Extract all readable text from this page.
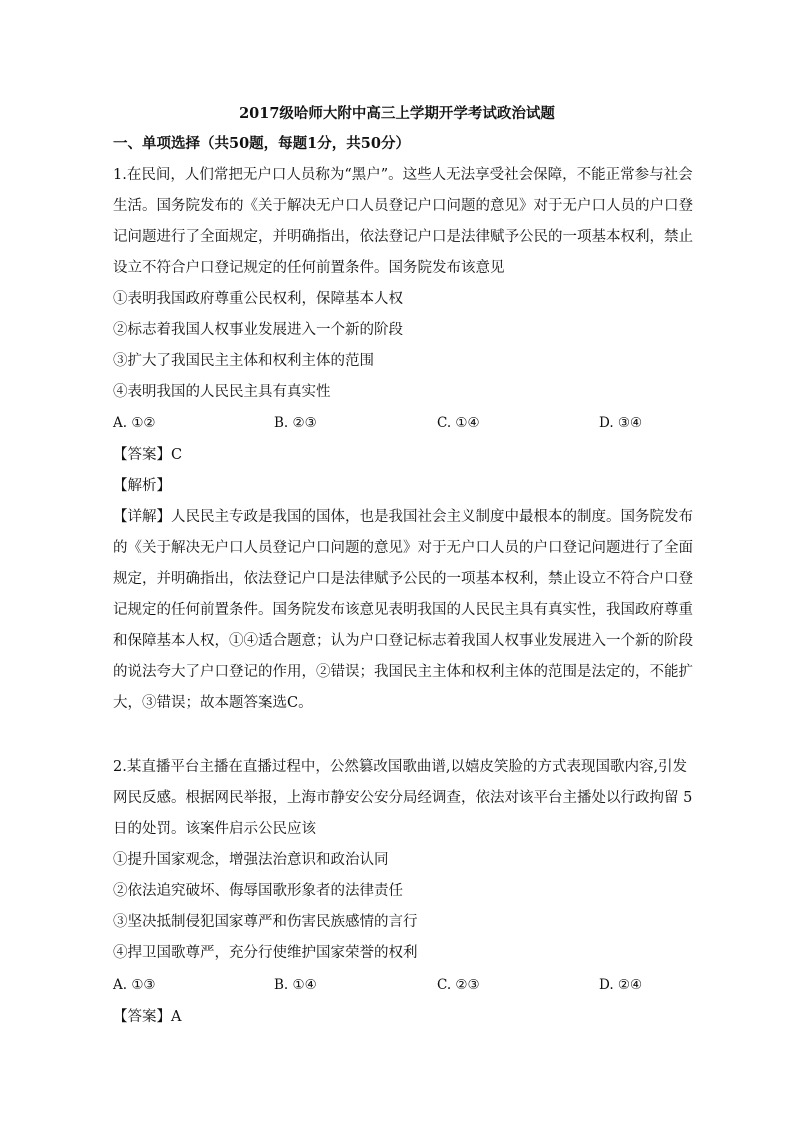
2017级哈师大附中高三上学期开学考试政治试题
一、单项选择（共50题，每题1分，共50分）
1.在民间，人们常把无户口人员称为“黑户”。这些人无法享受社会保障，不能正常参与社会
生活。国务院发布的《关于解决无户口人员登记户口问题的意见》对于无户口人员的户口登
记问题进行了全面规定，并明确指出，依法登记户口是法律赋予公民的一项基本权利，禁止
设立不符合户口登记规定的任何前置条件。国务院发布该意见
①表明我国政府尊重公民权利，保障基本人权
②标志着我国人权事业发展进入一个新的阶段
③扩大了我国民主主体和权利主体的范围
④表明我国的人民民主具有真实性
A. ①②	B. ②③	C. ①④	D. ③④
【答案】C
【解析】
【详解】人民民主专政是我国的国体，也是我国社会主义制度中最根本的制度。国务院发布
的《关于解决无户口人员登记户口问题的意见》对于无户口人员的户口登记问题进行了全面
规定，并明确指出，依法登记户口是法律赋予公民的一项基本权利，禁止设立不符合户口登
记规定的任何前置条件。国务院发布该意见表明我国的人民民主具有真实性，我国政府尊重
和保障基本人权，①④适合题意；认为户口登记标志着我国人权事业发展进入一个新的阶段
的说法夸大了户口登记的作用，②错误；我国民主主体和权利主体的范围是法定的，不能扩
大，③错误；故本题答案选C。
2.某直播平台主播在直播过程中，公然篡改国歌曲谱,以嬉皮笑脸的方式表现国歌内容,引发
网民反感。根据网民举报，上海市静安公安分局经调查，依法对该平台主播处以行政拘留 5
日的处罚。该案件启示公民应该
①提升国家观念，增强法治意识和政治认同
②依法追究破坏、侮辱国歌形象者的法律责任
③坚决抵制侵犯国家尊严和伤害民族感情的言行
④捍卫国歌尊严，充分行使维护国家荣誉的权利
A. ①③	B. ①④	C. ②③	D. ②④
【答案】A
